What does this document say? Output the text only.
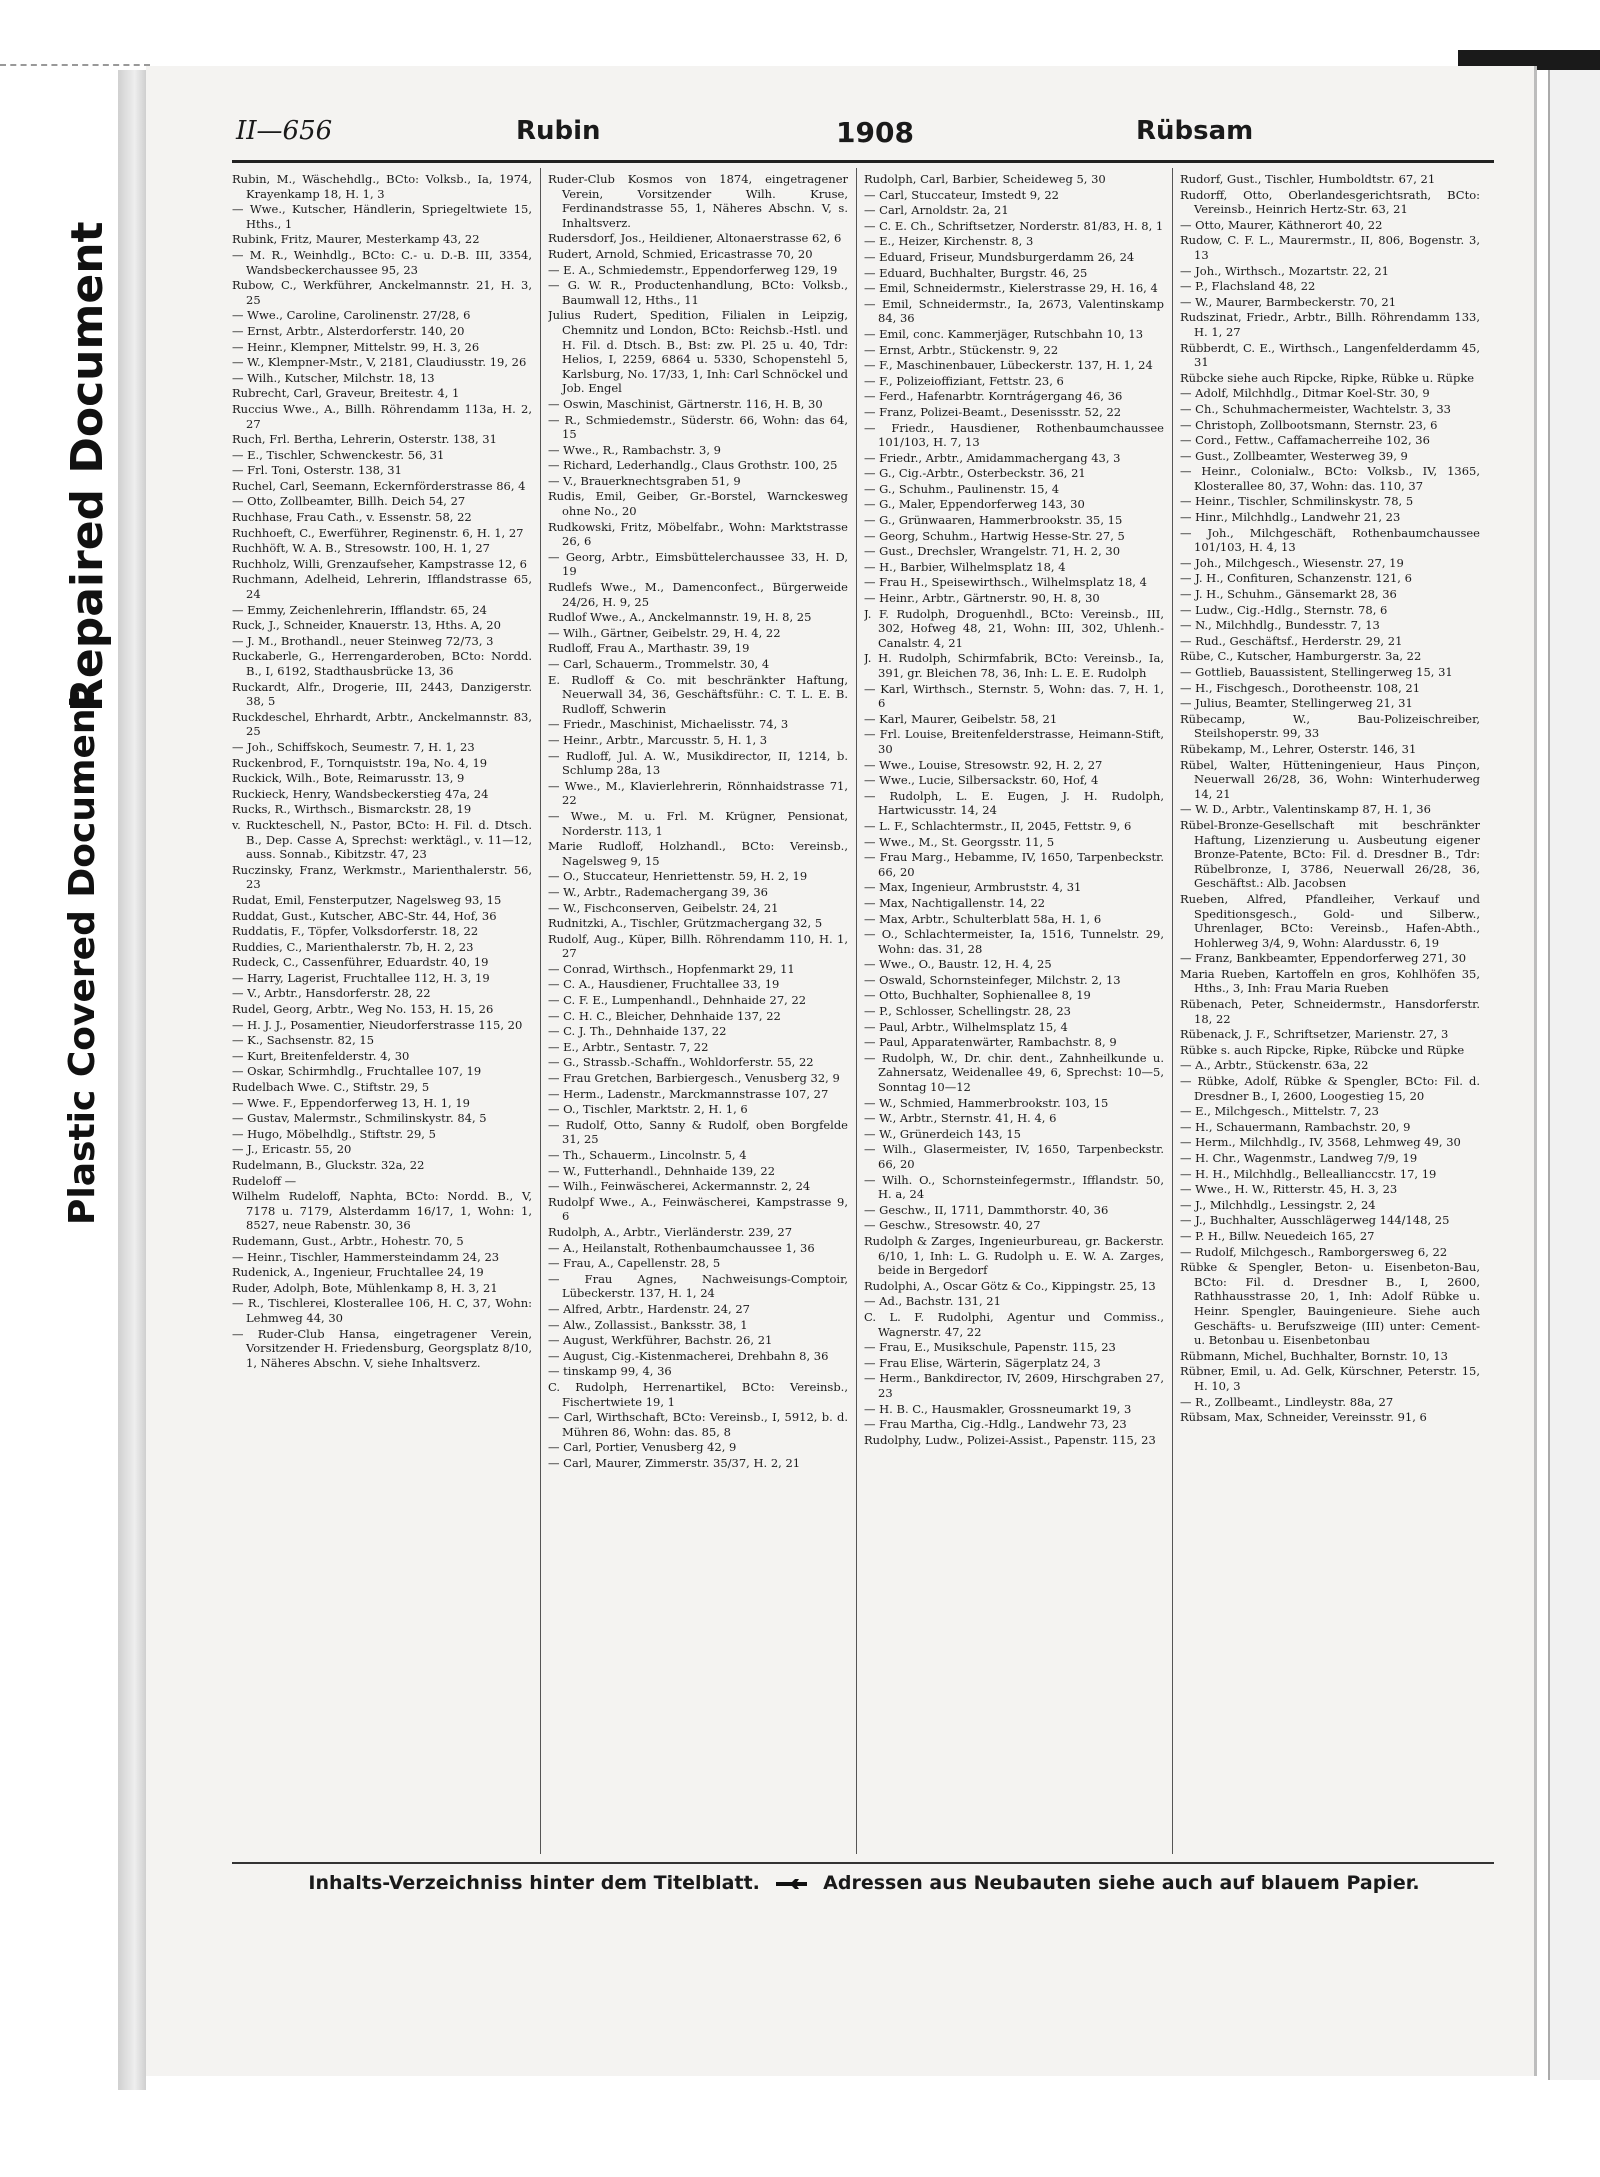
Repaired Document
Plastic Covered Document
II—656	Rubin	1908	Rübsam
Rubin, M., Wäschehdlg., BCto: Volksb., Ia, 1974, Krayenkamp 18, H. 1, 3
— Wwe., Kutscher, Händlerin, Spriegeltwiete 15, Hths., 1
Rubink, Fritz, Maurer, Mesterkamp 43, 22
— M. R., Weinhdlg., BCto: C.- u. D.-B. III, 3354, Wandsbeckerchaussee 95, 23
Rubow, C., Werkführer, Anckelmannstr. 21, H. 3, 25
— Wwe., Caroline, Carolinenstr. 27/28, 6
— Ernst, Arbtr., Alsterdorferstr. 140, 20
— Heinr., Klempner, Mittelstr. 99, H. 3, 26
— W., Klempner-Mstr., V, 2181, Claudiusstr. 19, 26
— Wilh., Kutscher, Milchstr. 18, 13
Rubrecht, Carl, Graveur, Breitestr. 4, 1
Ruccius Wwe., A., Billh. Röhrendamm 113a, H. 2, 27
Ruch, Frl. Bertha, Lehrerin, Osterstr. 138, 31
— E., Tischler, Schwenckestr. 56, 31
— Frl. Toni, Osterstr. 138, 31
Ruchel, Carl, Seemann, Eckernförderstrasse 86, 4
— Otto, Zollbeamter, Billh. Deich 54, 27
Ruchhase, Frau Cath., v. Essenstr. 58, 22
Ruchhoeft, C., Ewerführer, Reginenstr. 6, H. 1, 27
Ruchhöft, W. A. B., Stresowstr. 100, H. 1, 27
Ruchholz, Willi, Grenzaufseher, Kampstrasse 12, 6
Ruchmann, Adelheid, Lehrerin, Ifflandstrasse 65, 24
— Emmy, Zeichenlehrerin, Ifflandstr. 65, 24
Ruck, J., Schneider, Knauerstr. 13, Hths. A, 20
— J. M., Brothandl., neuer Steinweg 72/73, 3
Ruckaberle, G., Herrengarderoben, BCto: Nordd. B., I, 6192, Stadthausbrücke 13, 36
Ruckardt, Alfr., Drogerie, III, 2443, Danzigerstr. 38, 5
Ruckdeschel, Ehrhardt, Arbtr., Anckelmannstr. 83, 25
— Joh., Schiffskoch, Seumestr. 7, H. 1, 23
Ruckenbrod, F., Tornquiststr. 19a, No. 4, 19
Ruckick, Wilh., Bote, Reimarusstr. 13, 9
Ruckieck, Henry, Wandsbeckerstieg 47a, 24
Rucks, R., Wirthsch., Bismarckstr. 28, 19
v. Ruckteschell, N., Pastor, BCto: H. Fil. d. Dtsch. B., Dep. Casse A, Sprechst: werktägl., v. 11—12, auss. Sonnab., Kibitzstr. 47, 23
Ruczinsky, Franz, Werkmstr., Marienthalerstr. 56, 23
Rudat, Emil, Fensterputzer, Nagelsweg 93, 15
Ruddat, Gust., Kutscher, ABC-Str. 44, Hof, 36
Ruddatis, F., Töpfer, Volksdorferstr. 18, 22
Ruddies, C., Marienthalerstr. 7b, H. 2, 23
Rudeck, C., Cassenführer, Eduardstr. 40, 19
— Harry, Lagerist, Fruchtallee 112, H. 3, 19
— V., Arbtr., Hansdorferstr. 28, 22
Rudel, Georg, Arbtr., Weg No. 153, H. 15, 26
— H. J. J., Posamentier, Nieudorferstrasse 115, 20
— K., Sachsenstr. 82, 15
— Kurt, Breitenfelderstr. 4, 30
— Oskar, Schirmhdlg., Fruchtallee 107, 19
Rudelbach Wwe. C., Stiftstr. 29, 5
— Wwe. F., Eppendorferweg 13, H. 1, 19
— Gustav, Malermstr., Schmilinskystr. 84, 5
— Hugo, Möbelhdlg., Stiftstr. 29, 5
— J., Ericastr. 55, 20
Rudelmann, B., Gluckstr. 32a, 22
Rudeloff —
Wilhelm Rudeloff, Naphta, BCto: Nordd. B., V, 7178 u. 7179, Alsterdamm 16/17, 1, Wohn: 1, 8527, neue Rabenstr. 30, 36
Rudemann, Gust., Arbtr., Hohestr. 70, 5
— Heinr., Tischler, Hammersteindamm 24, 23
Rudenick, A., Ingenieur, Fruchtallee 24, 19
Ruder, Adolph, Bote, Mühlenkamp 8, H. 3, 21
— R., Tischlerei, Klosterallee 106, H. C, 37, Wohn: Lehmweg 44, 30
— Ruder-Club Hansa, eingetragener Verein, Vorsitzender H. Friedensburg, Georgsplatz 8/10, 1, Näheres Abschn. V, siehe Inhaltsverz.
Ruder-Club Kosmos von 1874, eingetragener Verein, Vorsitzender Wilh. Kruse, Ferdinandstrasse 55, 1, Näheres Abschn. V, s. Inhaltsverz.
Rudersdorf, Jos., Heildiener, Altonaerstrasse 62, 6
Rudert, Arnold, Schmied, Ericastrasse 70, 20
— E. A., Schmiedemstr., Eppendorferweg 129, 19
— G. W. R., Productenhandlung, BCto: Volksb., Baumwall 12, Hths., 11
Julius Rudert, Spedition, Filialen in Leipzig, Chemnitz und London, BCto: Reichsb.-Hstl. und H. Fil. d. Dtsch. B., Bst: zw. Pl. 25 u. 40, Tdr: Helios, I, 2259, 6864 u. 5330, Schopenstehl 5, Karlsburg, No. 17/33, 1, Inh: Carl Schnöckel und Job. Engel
— Oswin, Maschinist, Gärtnerstr. 116, H. B, 30
— R., Schmiedemstr., Süderstr. 66, Wohn: das 64, 15
— Wwe., R., Rambachstr. 3, 9
— Richard, Lederhandlg., Claus Grothstr. 100, 25
— V., Brauerknechtsgraben 51, 9
Rudis, Emil, Geiber, Gr.-Borstel, Warnckesweg ohne No., 20
Rudkowski, Fritz, Möbelfabr., Wohn: Marktstrasse 26, 6
— Georg, Arbtr., Eimsbüttelerchaussee 33, H. D, 19
Rudlefs Wwe., M., Damenconfect., Bürgerweide 24/26, H. 9, 25
Rudlof Wwe., A., Anckelmannstr. 19, H. 8, 25
— Wilh., Gärtner, Geibelstr. 29, H. 4, 22
Rudloff, Frau A., Marthastr. 39, 19
— Carl, Schauerm., Trommelstr. 30, 4
E. Rudloff & Co. mit beschränkter Haftung, Neuerwall 34, 36, Geschäftsführ.: C. T. L. E. B. Rudloff, Schwerin
— Friedr., Maschinist, Michaelisstr. 74, 3
— Heinr., Arbtr., Marcusstr. 5, H. 1, 3
— Rudloff, Jul. A. W., Musikdirector, II, 1214, b. Schlump 28a, 13
— Wwe., M., Klavierlehrerin, Rönnhaidstrasse 71, 22
— Wwe., M. u. Frl. M. Krügner, Pensionat, Norderstr. 113, 1
Marie Rudloff, Holzhandl., BCto: Vereinsb., Nagelsweg 9, 15
— O., Stuccateur, Henriettenstr. 59, H. 2, 19
— W., Arbtr., Rademachergang 39, 36
— W., Fischconserven, Geibelstr. 24, 21
Rudnitzki, A., Tischler, Grützmachergang 32, 5
Rudolf, Aug., Küper, Billh. Röhrendamm 110, H. 1, 27
— Conrad, Wirthsch., Hopfenmarkt 29, 11
— C. A., Hausdiener, Fruchtallee 33, 19
— C. F. E., Lumpenhandl., Dehnhaide 27, 22
— C. H. C., Bleicher, Dehnhaide 137, 22
— C. J. Th., Dehnhaide 137, 22
— E., Arbtr., Sentastr. 7, 22
— G., Strassb.-Schaffn., Wohldorferstr. 55, 22
— Frau Gretchen, Barbiergesch., Venusberg 32, 9
— Herm., Ladenstr., Marckmannstrasse 107, 27
— O., Tischler, Marktstr. 2, H. 1, 6
— Rudolf, Otto, Sanny & Rudolf, oben Borgfelde 31, 25
— Th., Schauerm., Lincolnstr. 5, 4
— W., Futterhandl., Dehnhaide 139, 22
— Wilh., Feinwäscherei, Ackermannstr. 2, 24
Rudolpf Wwe., A., Feinwäscherei, Kampstrasse 9, 6
Rudolph, A., Arbtr., Vierländerstr. 239, 27
— A., Heilanstalt, Rothenbaumchaussee 1, 36
— Frau, A., Capellenstr. 28, 5
— Frau Agnes, Nachweisungs-Comptoir, Lübeckerstr. 137, H. 1, 24
— Alfred, Arbtr., Hardenstr. 24, 27
— Alw., Zollassist., Banksstr. 38, 1
— August, Werkführer, Bachstr. 26, 21
— August, Cig.-Kistenmacherei, Drehbahn 8, 36
— tinskamp 99, 4, 36
C. Rudolph, Herrenartikel, BCto: Vereinsb., Fischertwiete 19, 1
— Carl, Wirthschaft, BCto: Vereinsb., I, 5912, b. d. Mühren 86, Wohn: das. 85, 8
— Carl, Portier, Venusberg 42, 9
— Carl, Maurer, Zimmerstr. 35/37, H. 2, 21
Rudolph, Carl, Barbier, Scheideweg 5, 30
— Carl, Stuccateur, Imstedt 9, 22
— Carl, Arnoldstr. 2a, 21
— C. E. Ch., Schriftsetzer, Norderstr. 81/83, H. 8, 1
— E., Heizer, Kirchenstr. 8, 3
— Eduard, Friseur, Mundsburgerdamm 26, 24
— Eduard, Buchhalter, Burgstr. 46, 25
— Emil, Schneidermstr., Kielerstrasse 29, H. 16, 4
— Emil, Schneidermstr., Ia, 2673, Valentinskamp 84, 36
— Emil, conc. Kammerjäger, Rutschbahn 10, 13
— Ernst, Arbtr., Stückenstr. 9, 22
— F., Maschinenbauer, Lübeckerstr. 137, H. 1, 24
— F., Polizeioffiziant, Fettstr. 23, 6
— Ferd., Hafenarbtr. Korntrágergang 46, 36
— Franz, Polizei-Beamt., Desenissstr. 52, 22
— Friedr., Hausdiener, Rothenbaumchaussee 101/103, H. 7, 13
— Friedr., Arbtr., Amidammachergang 43, 3
— G., Cig.-Arbtr., Osterbeckstr. 36, 21
— G., Schuhm., Paulinenstr. 15, 4
— G., Maler, Eppendorferweg 143, 30
— G., Grünwaaren, Hammerbrookstr. 35, 15
— Georg, Schuhm., Hartwig Hesse-Str. 27, 5
— Gust., Drechsler, Wrangelstr. 71, H. 2, 30
— H., Barbier, Wilhelmsplatz 18, 4
— Frau H., Speisewirthsch., Wilhelmsplatz 18, 4
— Heinr., Arbtr., Gärtnerstr. 90, H. 8, 30
J. F. Rudolph, Droguenhdl., BCto: Vereinsb., III, 302, Hofweg 48, 21, Wohn: III, 302, Uhlenh.-Canalstr. 4, 21
J. H. Rudolph, Schirmfabrik, BCto: Vereinsb., Ia, 391, gr. Bleichen 78, 36, Inh: L. E. E. Rudolph
— Karl, Wirthsch., Sternstr. 5, Wohn: das. 7, H. 1, 6
— Karl, Maurer, Geibelstr. 58, 21
— Frl. Louise, Breitenfelderstrasse, Heimann-Stift, 30
— Wwe., Louise, Stresowstr. 92, H. 2, 27
— Wwe., Lucie, Silbersackstr. 60, Hof, 4
— Rudolph, L. E. Eugen, J. H. Rudolph, Hartwicusstr. 14, 24
— L. F., Schlachtermstr., II, 2045, Fettstr. 9, 6
— Wwe., M., St. Georgsstr. 11, 5
— Frau Marg., Hebamme, IV, 1650, Tarpenbeckstr. 66, 20
— Max, Ingenieur, Armbruststr. 4, 31
— Max, Nachtigallenstr. 14, 22
— Max, Arbtr., Schulterblatt 58a, H. 1, 6
— O., Schlachtermeister, Ia, 1516, Tunnelstr. 29, Wohn: das. 31, 28
— Wwe., O., Baustr. 12, H. 4, 25
— Oswald, Schornsteinfeger, Milchstr. 2, 13
— Otto, Buchhalter, Sophienallee 8, 19
— P., Schlosser, Schellingstr. 28, 23
— Paul, Arbtr., Wilhelmsplatz 15, 4
— Paul, Apparatenwärter, Rambachstr. 8, 9
— Rudolph, W., Dr. chir. dent., Zahnheilkunde u. Zahnersatz, Weidenallee 49, 6, Sprechst: 10—5, Sonntag 10—12
— W., Schmied, Hammerbrookstr. 103, 15
— W., Arbtr., Sternstr. 41, H. 4, 6
— W., Grünerdeich 143, 15
— Wilh., Glasermeister, IV, 1650, Tarpenbeckstr. 66, 20
— Wilh. O., Schornsteinfegermstr., Ifflandstr. 50, H. a, 24
— Geschw., II, 1711, Dammthorstr. 40, 36
— Geschw., Stresowstr. 40, 27
Rudolph & Zarges, Ingenieurbureau, gr. Backerstr. 6/10, 1, Inh: L. G. Rudolph u. E. W. A. Zarges, beide in Bergedorf
Rudolphi, A., Oscar Götz & Co., Kippingstr. 25, 13
— Ad., Bachstr. 131, 21
C. L. F. Rudolphi, Agentur und Commiss., Wagnerstr. 47, 22
— Frau, E., Musikschule, Papenstr. 115, 23
— Frau Elise, Wärterin, Sägerplatz 24, 3
— Herm., Bankdirector, IV, 2609, Hirschgraben 27, 23
— H. B. C., Hausmakler, Grossneumarkt 19, 3
— Frau Martha, Cig.-Hdlg., Landwehr 73, 23
Rudolphy, Ludw., Polizei-Assist., Papenstr. 115, 23
Rudorf, Gust., Tischler, Humboldtstr. 67, 21
Rudorff, Otto, Oberlandesgerichtsrath, BCto: Vereinsb., Heinrich Hertz-Str. 63, 21
— Otto, Maurer, Käthnerort 40, 22
Rudow, C. F. L., Maurermstr., II, 806, Bogenstr. 3, 13
— Joh., Wirthsch., Mozartstr. 22, 21
— P., Flachsland 48, 22
— W., Maurer, Barmbeckerstr. 70, 21
Rudszinat, Friedr., Arbtr., Billh. Röhrendamm 133, H. 1, 27
Rübberdt, C. E., Wirthsch., Langenfelderdamm 45, 31
Rübcke siehe auch Ripcke, Ripke, Rübke u. Rüpke
— Adolf, Milchhdlg., Ditmar Koel-Str. 30, 9
— Ch., Schuhmachermeister, Wachtelstr. 3, 33
— Christoph, Zollbootsmann, Sternstr. 23, 6
— Cord., Fettw., Caffamacherreihe 102, 36
— Gust., Zollbeamter, Westerweg 39, 9
— Heinr., Colonialw., BCto: Volksb., IV, 1365, Klosterallee 80, 37, Wohn: das. 110, 37
— Heinr., Tischler, Schmilinskystr. 78, 5
— Hinr., Milchhdlg., Landwehr 21, 23
— Joh., Milchgeschäft, Rothenbaumchaussee 101/103, H. 4, 13
— Joh., Milchgesch., Wiesenstr. 27, 19
— J. H., Confituren, Schanzenstr. 121, 6
— J. H., Schuhm., Gänsemarkt 28, 36
— Ludw., Cig.-Hdlg., Sternstr. 78, 6
— N., Milchhdlg., Bundesstr. 7, 13
— Rud., Geschäftsf., Herderstr. 29, 21
Rübe, C., Kutscher, Hamburgerstr. 3a, 22
— Gottlieb, Bauassistent, Stellingerweg 15, 31
— H., Fischgesch., Dorotheenstr. 108, 21
— Julius, Beamter, Stellingerweg 21, 31
Rübecamp, W., Bau-Polizeischreiber, Steilshoperstr. 99, 33
Rübekamp, M., Lehrer, Osterstr. 146, 31
Rübel, Walter, Hütteningenieur, Haus Pinçon, Neuerwall 26/28, 36, Wohn: Winterhuderweg 14, 21
— W. D., Arbtr., Valentinskamp 87, H. 1, 36
Rübel-Bronze-Gesellschaft mit beschränkter Haftung, Lizenzierung u. Ausbeutung eigener Bronze-Patente, BCto: Fil. d. Dresdner B., Tdr: Rübelbronze, I, 3786, Neuerwall 26/28, 36, Geschäftst.: Alb. Jacobsen
Rueben, Alfred, Pfandleiher, Verkauf und Speditionsgesch., Gold- und Silberw., Uhrenlager, BCto: Vereinsb., Hafen-Abth., Hohlerweg 3/4, 9, Wohn: Alardusstr. 6, 19
— Franz, Bankbeamter, Eppendorferweg 271, 30
Maria Rueben, Kartoffeln en gros, Kohlhöfen 35, Hths., 3, Inh: Frau Maria Rueben
Rübenach, Peter, Schneidermstr., Hansdorferstr. 18, 22
Rübenack, J. F., Schriftsetzer, Marienstr. 27, 3
Rübke s. auch Ripcke, Ripke, Rübcke und Rüpke
— A., Arbtr., Stückenstr. 63a, 22
— Rübke, Adolf, Rübke & Spengler, BCto: Fil. d. Dresdner B., I, 2600, Loogestieg 15, 20
— E., Milchgesch., Mittelstr. 7, 23
— H., Schauermann, Rambachstr. 20, 9
— Herm., Milchhdlg., IV, 3568, Lehmweg 49, 30
— H. Chr., Wagenmstr., Landweg 7/9, 19
— H. H., Milchhdlg., Belleallianccstr. 17, 19
— Wwe., H. W., Ritterstr. 45, H. 3, 23
— J., Milchhdlg., Lessingstr. 2, 24
— J., Buchhalter, Ausschlägerweg 144/148, 25
— P. H., Billw. Neuedeich 165, 27
— Rudolf, Milchgesch., Ramborgersweg 6, 22
Rübke & Spengler, Beton- u. Eisenbeton-Bau, BCto: Fil. d. Dresdner B., I, 2600, Rathhausstrasse 20, 1, Inh: Adolf Rübke u. Heinr. Spengler, Bauingenieure. Siehe auch Geschäfts- u. Berufszweige (III) unter: Cement- u. Betonbau u. Eisenbetonbau
Rübmann, Michel, Buchhalter, Bornstr. 10, 13
Rübner, Emil, u. Ad. Gelk, Kürschner, Peterstr. 15, H. 10, 3
— R., Zollbeamt., Lindleystr. 88a, 27
Rübsam, Max, Schneider, Vereinsstr. 91, 6
Inhalts-Verzeichniss hinter dem Titelblatt.	Adressen aus Neubauten siehe auch auf blauem Papier.
